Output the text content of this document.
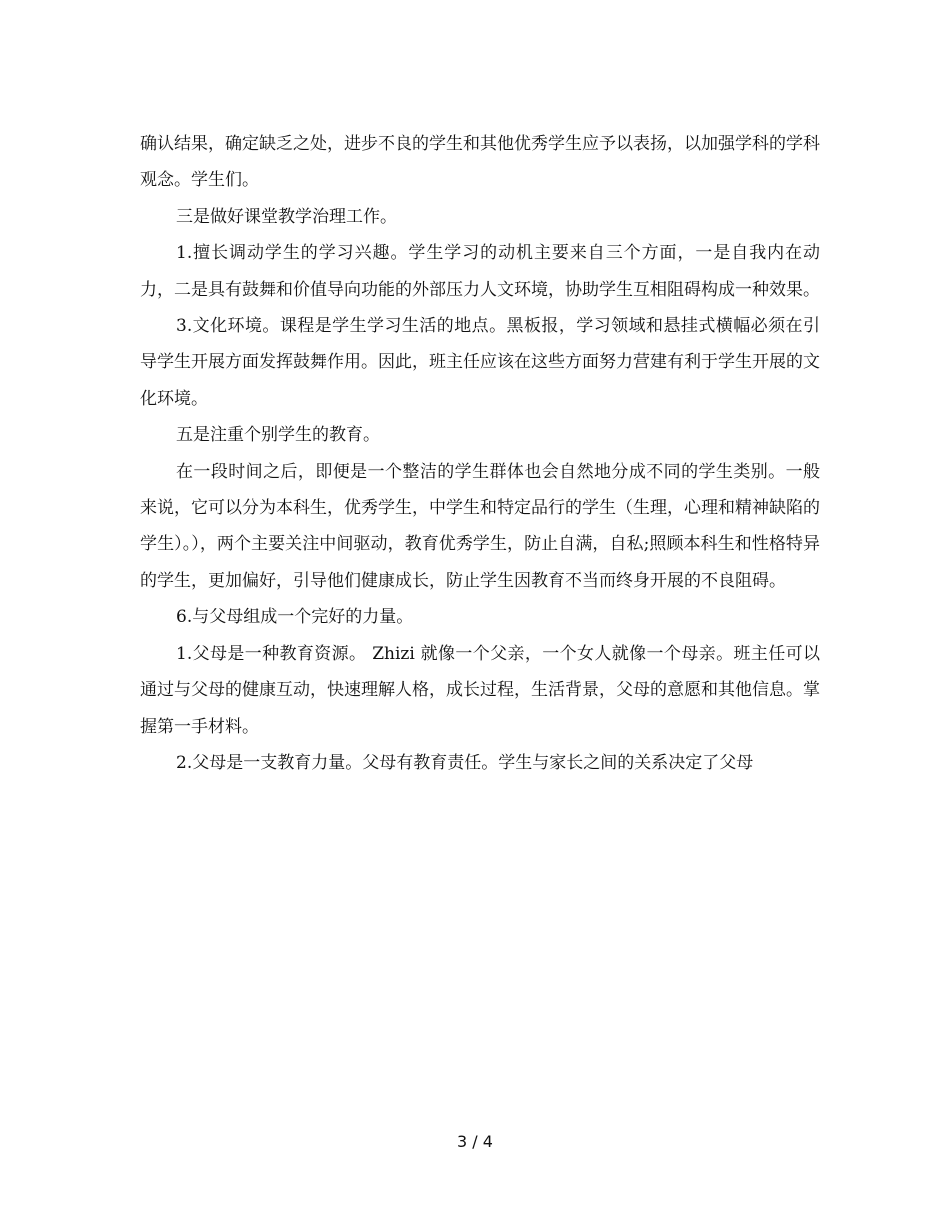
确认结果，确定缺乏之处，进步不良的学生和其他优秀学生应予以表扬，以加强学科的学科观念。学生们。

三是做好课堂教学治理工作。

1.擅长调动学生的学习兴趣。学生学习的动机主要来自三个方面，一是自我内在动力，二是具有鼓舞和价值导向功能的外部压力人文环境，协助学生互相阻碍构成一种效果。

3.文化环境。课程是学生学习生活的地点。黑板报，学习领域和悬挂式横幅必须在引导学生开展方面发挥鼓舞作用。因此，班主任应该在这些方面努力营建有利于学生开展的文化环境。

五是注重个别学生的教育。

在一段时间之后，即便是一个整洁的学生群体也会自然地分成不同的学生类别。一般来说，它可以分为本科生，优秀学生，中学生和特定品行的学生（生理，心理和精神缺陷的学生）。），两个主要关注中间驱动，教育优秀学生，防止自满，自私;照顾本科生和性格特异的学生，更加偏好，引导他们健康成长，防止学生因教育不当而终身开展的不良阻碍。

6.与父母组成一个完好的力量。

1.父母是一种教育资源。 Zhizi 就像一个父亲，一个女人就像一个母亲。班主任可以通过与父母的健康互动，快速理解人格，成长过程，生活背景，父母的意愿和其他信息。掌握第一手材料。

2.父母是一支教育力量。父母有教育责任。学生与家长之间的关系决定了父母

3 / 4
